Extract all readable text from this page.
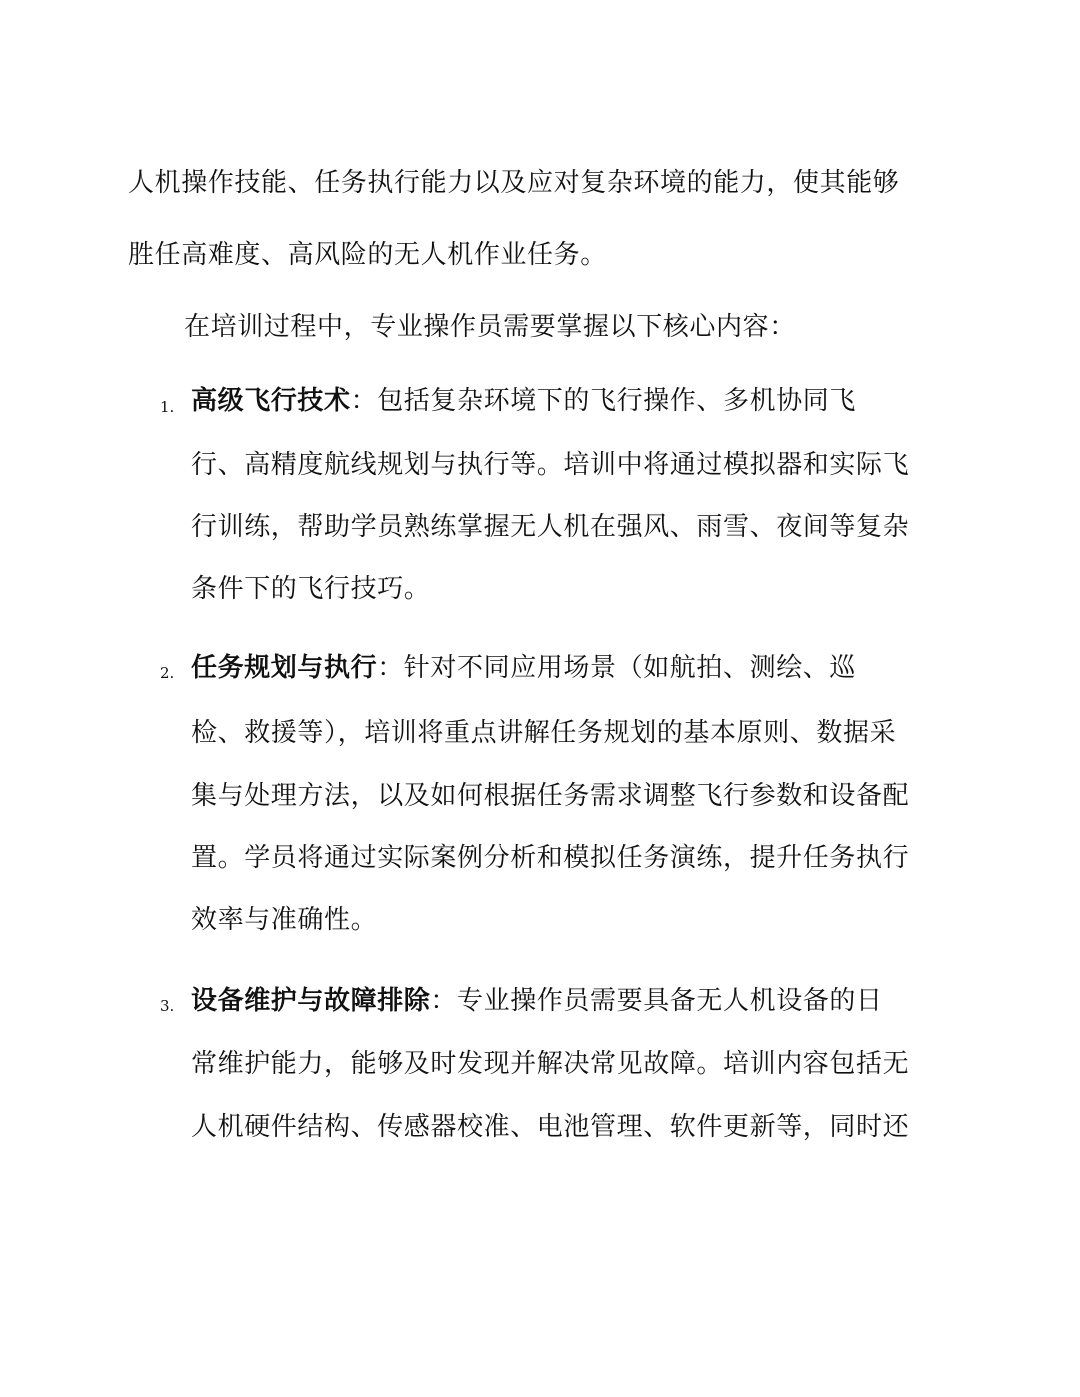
人机操作技能、任务执行能力以及应对复杂环境的能力，使其能够
胜任高难度、高风险的无人机作业任务。
在培训过程中，专业操作员需要掌握以下核心内容：
1. 高级飞行技术：包括复杂环境下的飞行操作、多机协同飞
行、高精度航线规划与执行等。培训中将通过模拟器和实际飞
行训练，帮助学员熟练掌握无人机在强风、雨雪、夜间等复杂
条件下的飞行技巧。
2. 任务规划与执行：针对不同应用场景（如航拍、测绘、巡
检、救援等），培训将重点讲解任务规划的基本原则、数据采
集与处理方法，以及如何根据任务需求调整飞行参数和设备配
置。学员将通过实际案例分析和模拟任务演练，提升任务执行
效率与准确性。
3. 设备维护与故障排除：专业操作员需要具备无人机设备的日
常维护能力，能够及时发现并解决常见故障。培训内容包括无
人机硬件结构、传感器校准、电池管理、软件更新等，同时还
